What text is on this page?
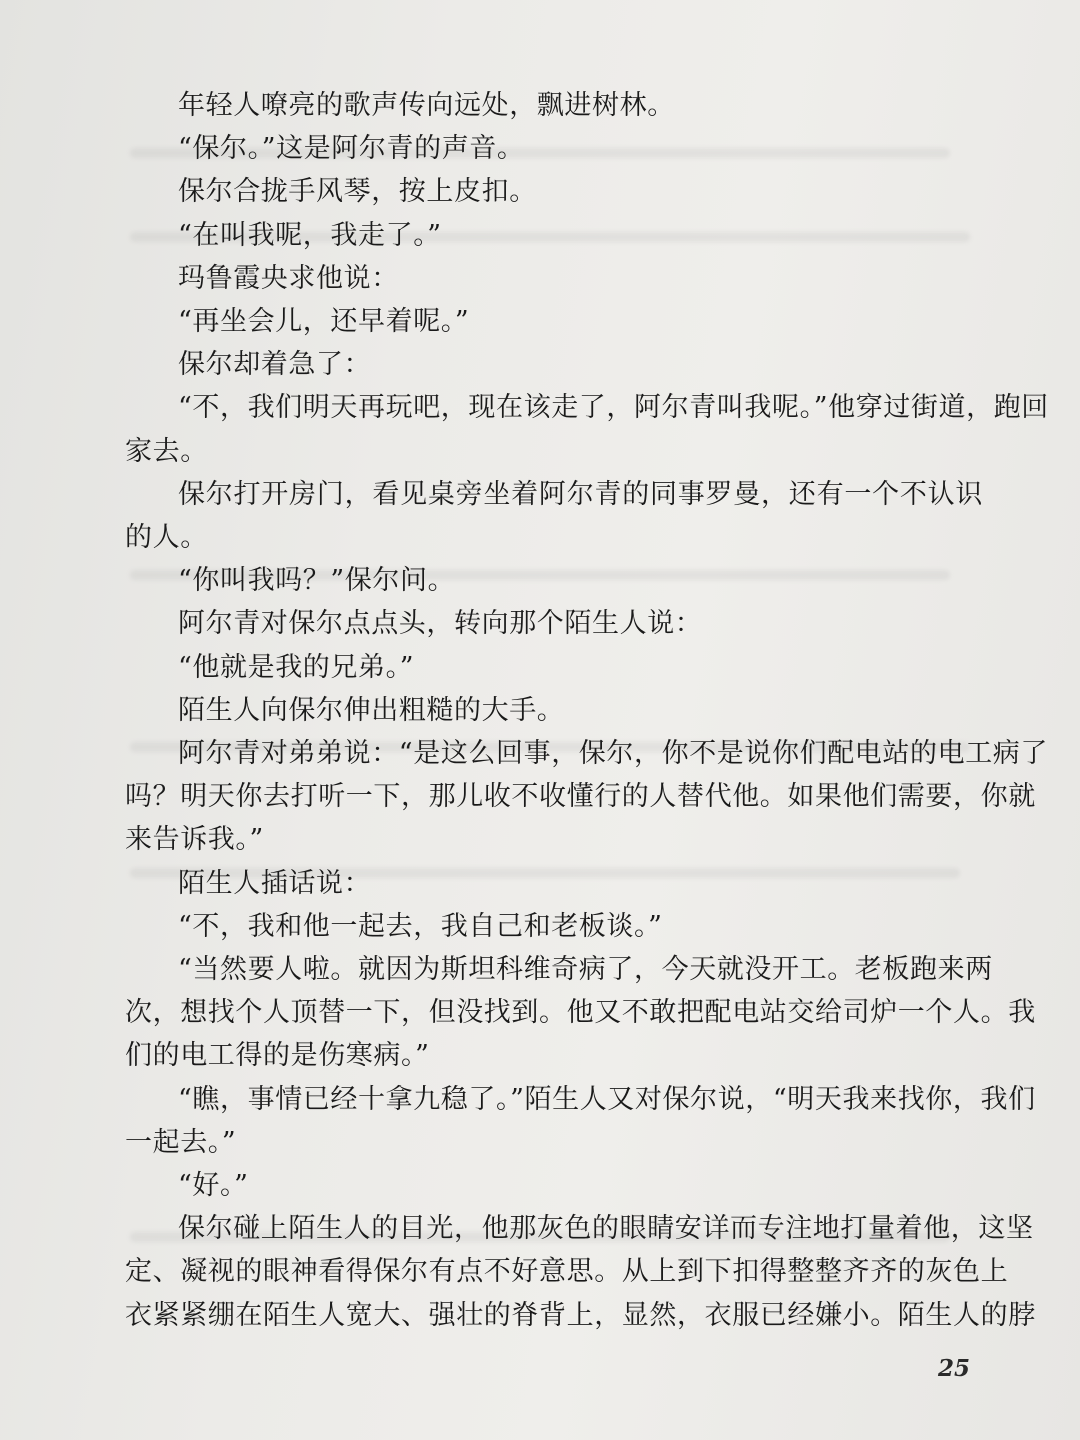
年轻人嘹亮的歌声传向远处，飘进树林。
“保尔。”这是阿尔青的声音。
保尔合拢手风琴，按上皮扣。
“在叫我呢，我走了。”
玛鲁霞央求他说：
“再坐会儿，还早着呢。”
保尔却着急了：
“不，我们明天再玩吧，现在该走了，阿尔青叫我呢。”他穿过街道，跑回
家去。
保尔打开房门，看见桌旁坐着阿尔青的同事罗曼，还有一个不认识
的人。
“你叫我吗？”保尔问。
阿尔青对保尔点点头，转向那个陌生人说：
“他就是我的兄弟。”
陌生人向保尔伸出粗糙的大手。
阿尔青对弟弟说：“是这么回事，保尔，你不是说你们配电站的电工病了
吗？明天你去打听一下，那儿收不收懂行的人替代他。如果他们需要，你就
来告诉我。”
陌生人插话说：
“不，我和他一起去，我自己和老板谈。”
“当然要人啦。就因为斯坦科维奇病了，今天就没开工。老板跑来两
次，想找个人顶替一下，但没找到。他又不敢把配电站交给司炉一个人。我
们的电工得的是伤寒病。”
“瞧，事情已经十拿九稳了。”陌生人又对保尔说，“明天我来找你，我们
一起去。”
“好。”
保尔碰上陌生人的目光，他那灰色的眼睛安详而专注地打量着他，这坚
定、凝视的眼神看得保尔有点不好意思。从上到下扣得整整齐齐的灰色上
衣紧紧绷在陌生人宽大、强壮的脊背上，显然，衣服已经嫌小。陌生人的脖
25
